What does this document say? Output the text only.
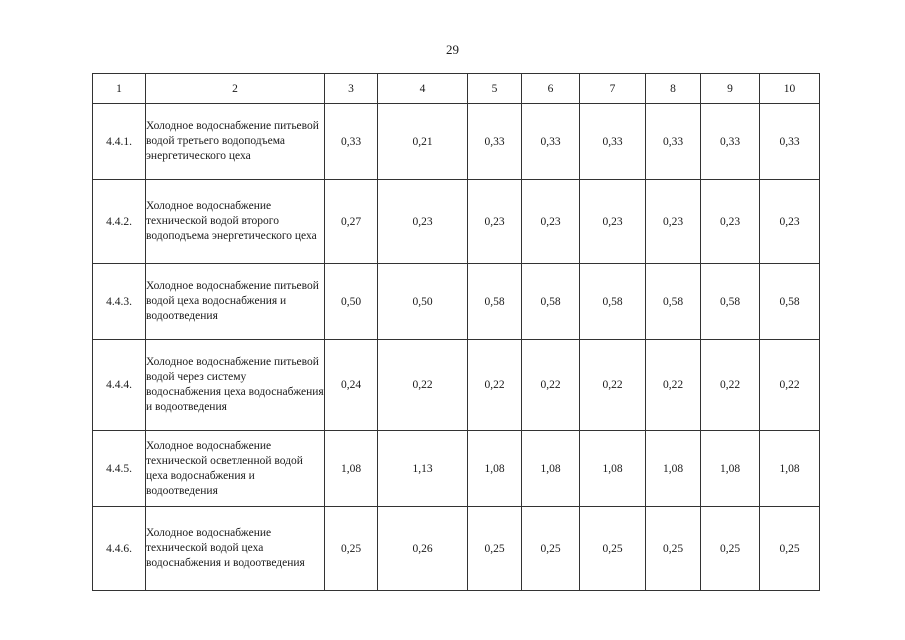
29
1	2	3	4	5	6	7	8	9	10
4.4.1.	Холодное водоснабжение питьевой водой третьего водоподъема энергетического цеха	0,33	0,21	0,33	0,33	0,33	0,33	0,33	0,33
4.4.2.	Холодное водоснабжение технической водой второго водоподъема энергетического цеха	0,27	0,23	0,23	0,23	0,23	0,23	0,23	0,23
4.4.3.	Холодное водоснабжение питьевой водой цеха водоснабжения и водоотведения	0,50	0,50	0,58	0,58	0,58	0,58	0,58	0,58
4.4.4.	Холодное водоснабжение питьевой водой через систему водоснабжения цеха водоснабжения и водоотведения	0,24	0,22	0,22	0,22	0,22	0,22	0,22	0,22
4.4.5.	Холодное водоснабжение технической осветленной водой цеха водоснабжения и водоотведения	1,08	1,13	1,08	1,08	1,08	1,08	1,08	1,08
4.4.6.	Холодное водоснабжение технической водой цеха водоснабжения и водоотведения	0,25	0,26	0,25	0,25	0,25	0,25	0,25	0,25
